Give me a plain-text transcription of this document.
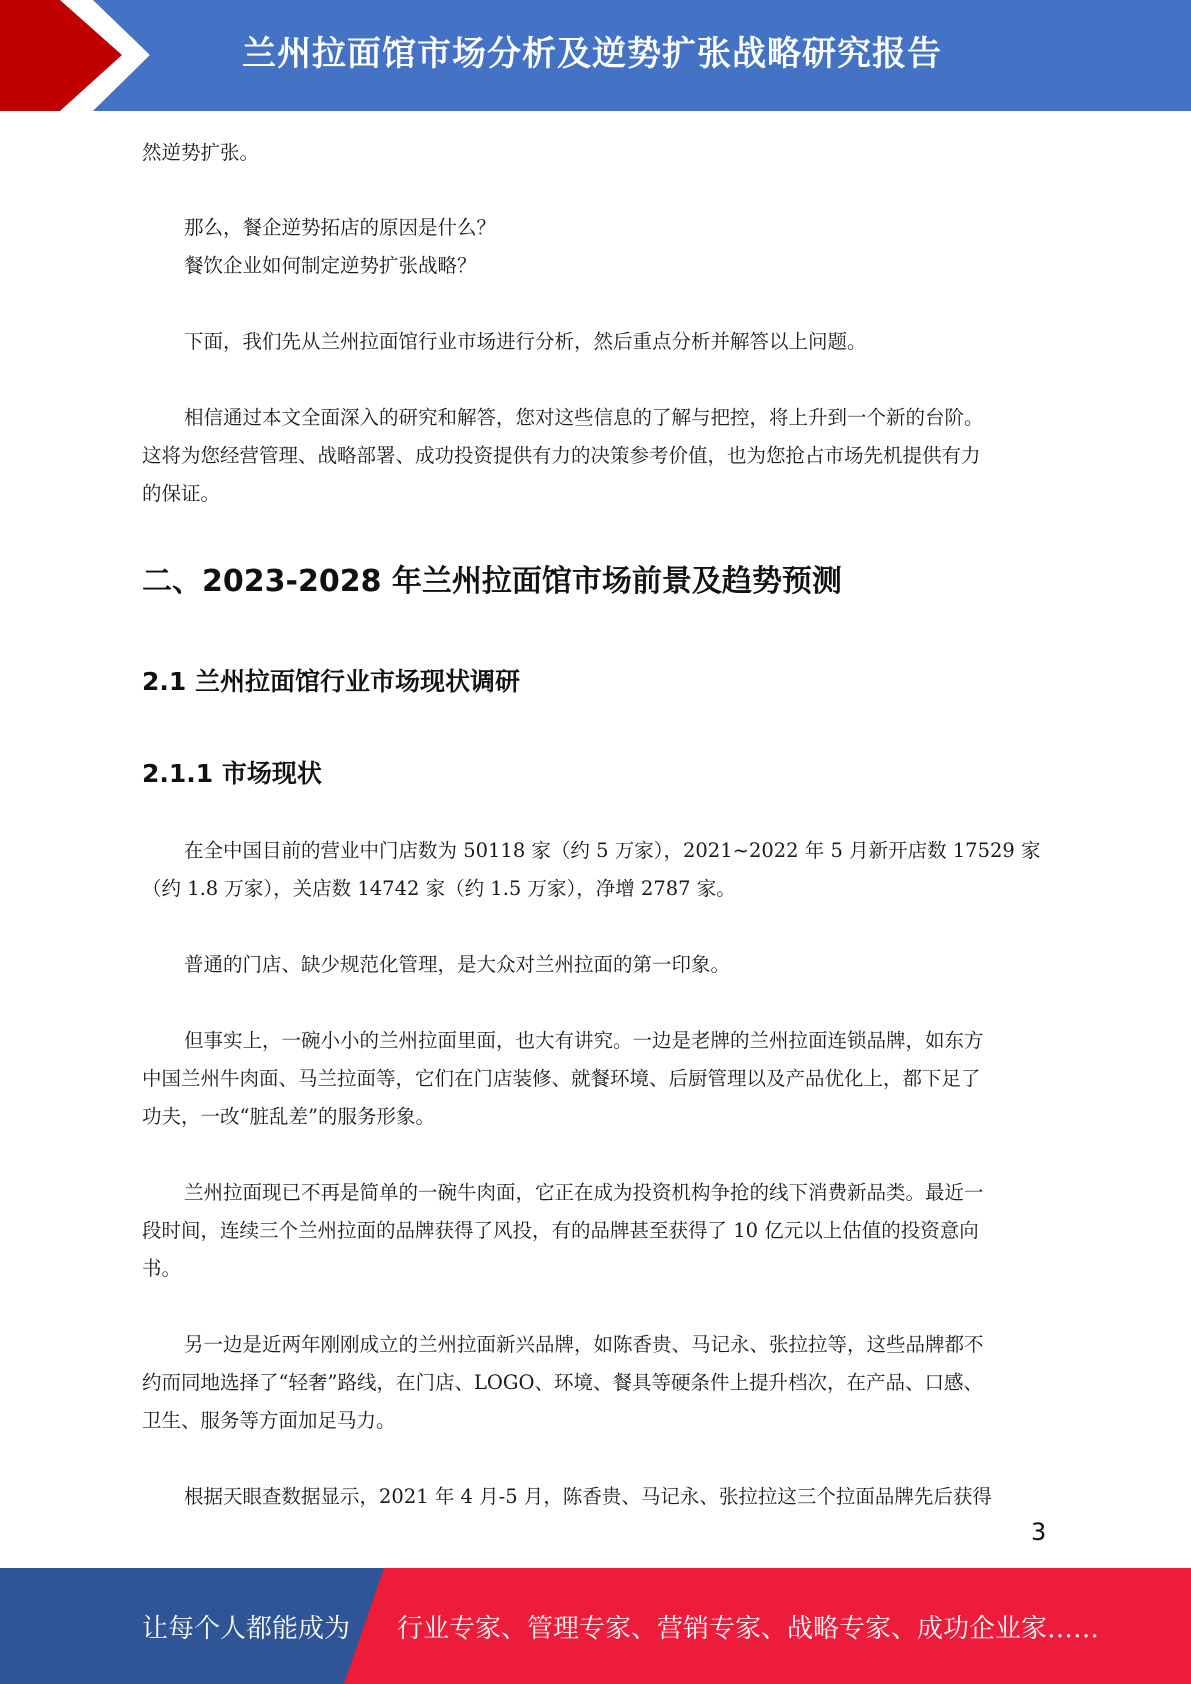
兰州拉面馆市场分析及逆势扩张战略研究报告
然逆势扩张。
那么，餐企逆势拓店的原因是什么？
餐饮企业如何制定逆势扩张战略？
下面，我们先从兰州拉面馆行业市场进行分析，然后重点分析并解答以上问题。
相信通过本文全面深入的研究和解答，您对这些信息的了解与把控，将上升到一个新的台阶。
这将为您经营管理、战略部署、成功投资提供有力的决策参考价值，也为您抢占市场先机提供有力
的保证。
二、2023-2028 年兰州拉面馆市场前景及趋势预测
2.1 兰州拉面馆行业市场现状调研
2.1.1 市场现状
在全中国目前的营业中门店数为 50118 家（约 5 万家），2021~2022 年 5 月新开店数 17529 家
（约 1.8 万家），关店数 14742 家（约 1.5 万家），净增 2787 家。
普通的门店、缺少规范化管理，是大众对兰州拉面的第一印象。
但事实上，一碗小小的兰州拉面里面，也大有讲究。一边是老牌的兰州拉面连锁品牌，如东方
中国兰州牛肉面、马兰拉面等，它们在门店装修、就餐环境、后厨管理以及产品优化上，都下足了
功夫，一改“脏乱差”的服务形象。
兰州拉面现已不再是简单的一碗牛肉面，它正在成为投资机构争抢的线下消费新品类。最近一
段时间，连续三个兰州拉面的品牌获得了风投，有的品牌甚至获得了 10 亿元以上估值的投资意向
书。
另一边是近两年刚刚成立的兰州拉面新兴品牌，如陈香贵、马记永、张拉拉等，这些品牌都不
约而同地选择了“轻奢”路线，在门店、LOGO、环境、餐具等硬条件上提升档次，在产品、口感、
卫生、服务等方面加足马力。
根据天眼查数据显示，2021 年 4 月-5 月，陈香贵、马记永、张拉拉这三个拉面品牌先后获得
3
让每个人都能成为 行业专家、管理专家、营销专家、战略专家、成功企业家……
